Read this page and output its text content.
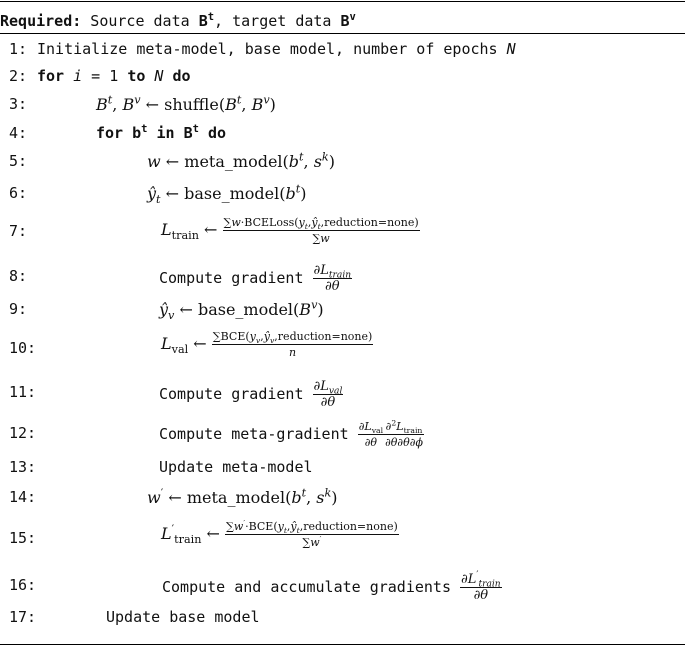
Required: Source data $B^t$, target data $B^v$
1: Initialize meta-model, base model, number of epochs N
2: for i = 1 to N do
3:	$B^t$, $B^v$ ← $shuffle(B^t$, $B^v$)
4:	for $b^t$ in $B^t$ do
5:	w ← $meta\_model(b^t$, $s^k$)
6:	$ŷ_t$ ← $base\_model(b^t)$
7:	$L_{train}$ ← $\frac{\sum w\cdot BCELoss(y_t,ŷ_t,reduction=none)}{\sum w}$
8:	Compute gradient $\frac{\partial L_{train}}{\partial\theta}$
9:	$ŷ_v$ ← $base\_model(B^v)$
10:	$L_{val}$ ← $\frac{\sum BCE(y_v,ŷ_v,reduction=none)}{n}$
11:	Compute gradient $\frac{\partial L_{val}}{\partial\theta}$
12:	Compute meta-gradient $\frac{\partial L_{val}}{\partial\theta} \frac{\partial^2L_{train}}{\partial\theta\partial\theta\partial\phi}$
13:	Update meta-model
14:	w′ ← $meta\_model(b^t$, $s^k$)
15:	$L'_{train}$ ← $\frac{\sum w'\cdot BCE(y_t,ŷ_t,reduction=none)}{\sum w'}$
16:	Compute and accumulate gradients $\frac{\partial L'_{train}}{\partial\theta}$
17:	Update base model
